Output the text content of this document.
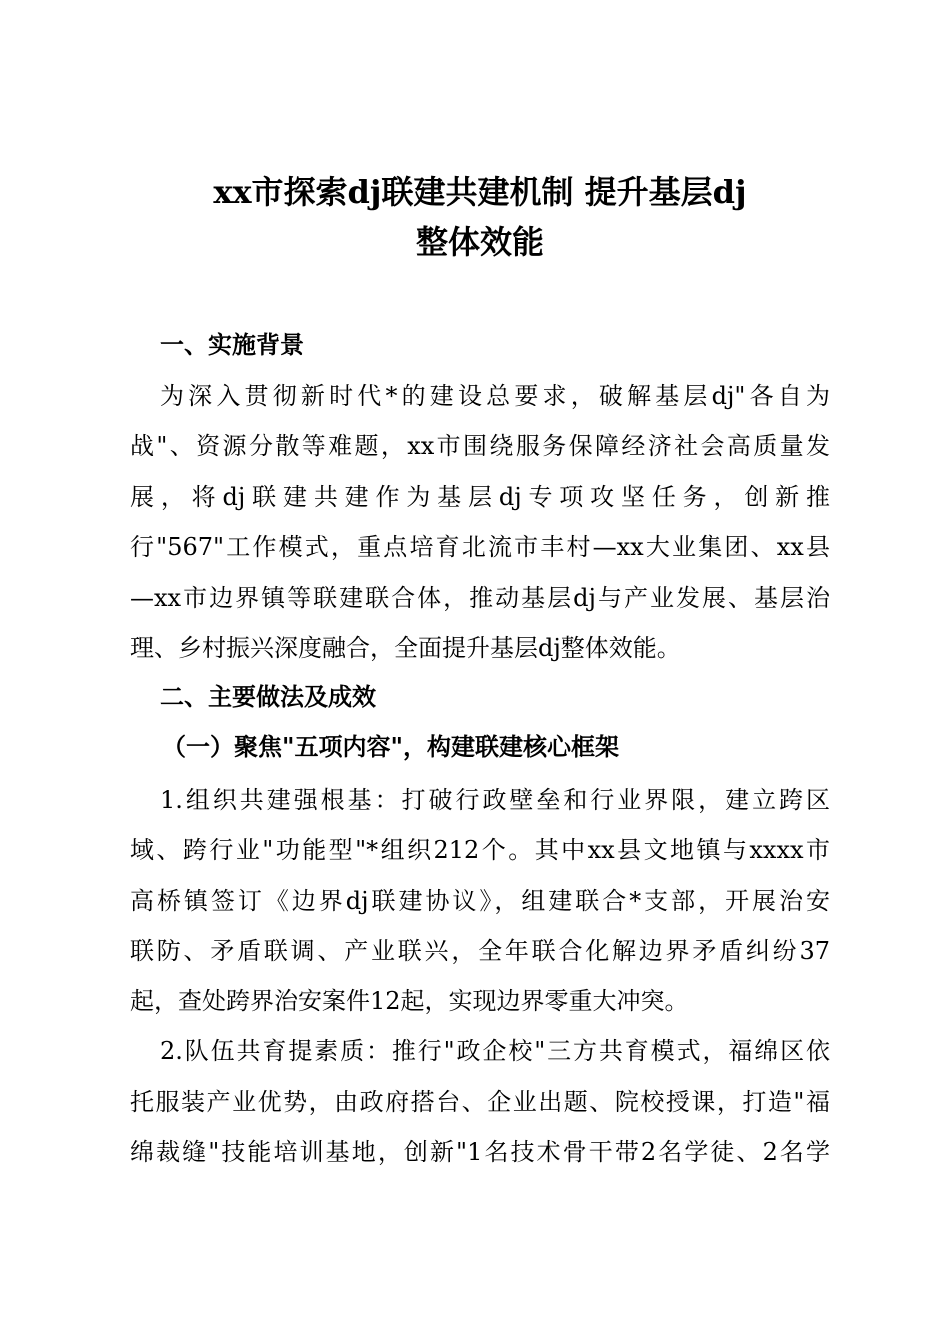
xx市探索dj联建共建机制 提升基层dj
整体效能
一、实施背景
为深入贯彻新时代*的建设总要求，破解基层dj"各自为
战"、资源分散等难题，xx市围绕服务保障经济社会高质量发
展，将dj联建共建作为基层dj专项攻坚任务，创新推
行"567"工作模式，重点培育北流市丰村—xx大业集团、xx县
—xx市边界镇等联建联合体，推动基层dj与产业发展、基层治
理、乡村振兴深度融合，全面提升基层dj整体效能。
二、主要做法及成效
（一）聚焦"五项内容"，构建联建核心框架
1.组织共建强根基：打破行政壁垒和行业界限，建立跨区
域、跨行业"功能型"*组织212个。其中xx县文地镇与xxxx市
高桥镇签订《边界dj联建协议》，组建联合*支部，开展治安
联防、矛盾联调、产业联兴，全年联合化解边界矛盾纠纷37
起，查处跨界治安案件12起，实现边界零重大冲突。
2.队伍共育提素质：推行"政企校"三方共育模式，福绵区依
托服装产业优势，由政府搭台、企业出题、院校授课，打造"福
绵裁缝"技能培训基地，创新"1名技术骨干带2名学徒、2名学
